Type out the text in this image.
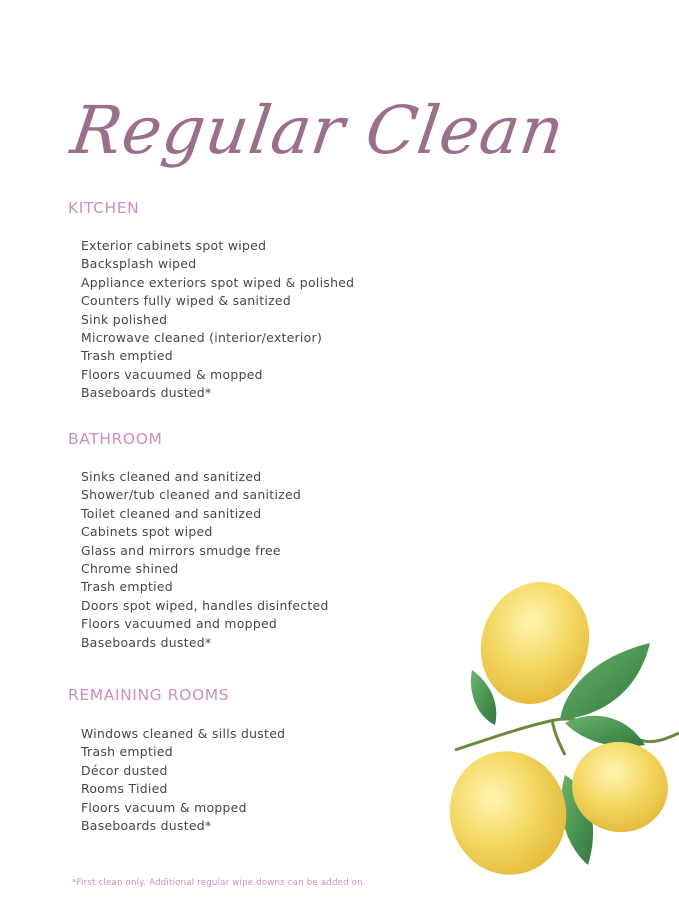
Regular Clean
KITCHEN
Exterior cabinets spot wiped
Backsplash wiped
Appliance exteriors spot wiped & polished
Counters fully wiped & sanitized
Sink polished
Microwave cleaned (interior/exterior)
Trash emptied
Floors vacuumed & mopped
Baseboards dusted*
BATHROOM
Sinks cleaned and sanitized
Shower/tub cleaned and sanitized
Toilet cleaned and sanitized
Cabinets spot wiped
Glass and mirrors smudge free
Chrome shined
Trash emptied
Doors spot wiped, handles disinfected
Floors vacuumed and mopped
Baseboards dusted*
REMAINING ROOMS
Windows cleaned & sills dusted
Trash emptied
Décor dusted
Rooms Tidied
Floors vacuum & mopped
Baseboards dusted*
*First clean only. Additional regular wipe downs can be added on.
